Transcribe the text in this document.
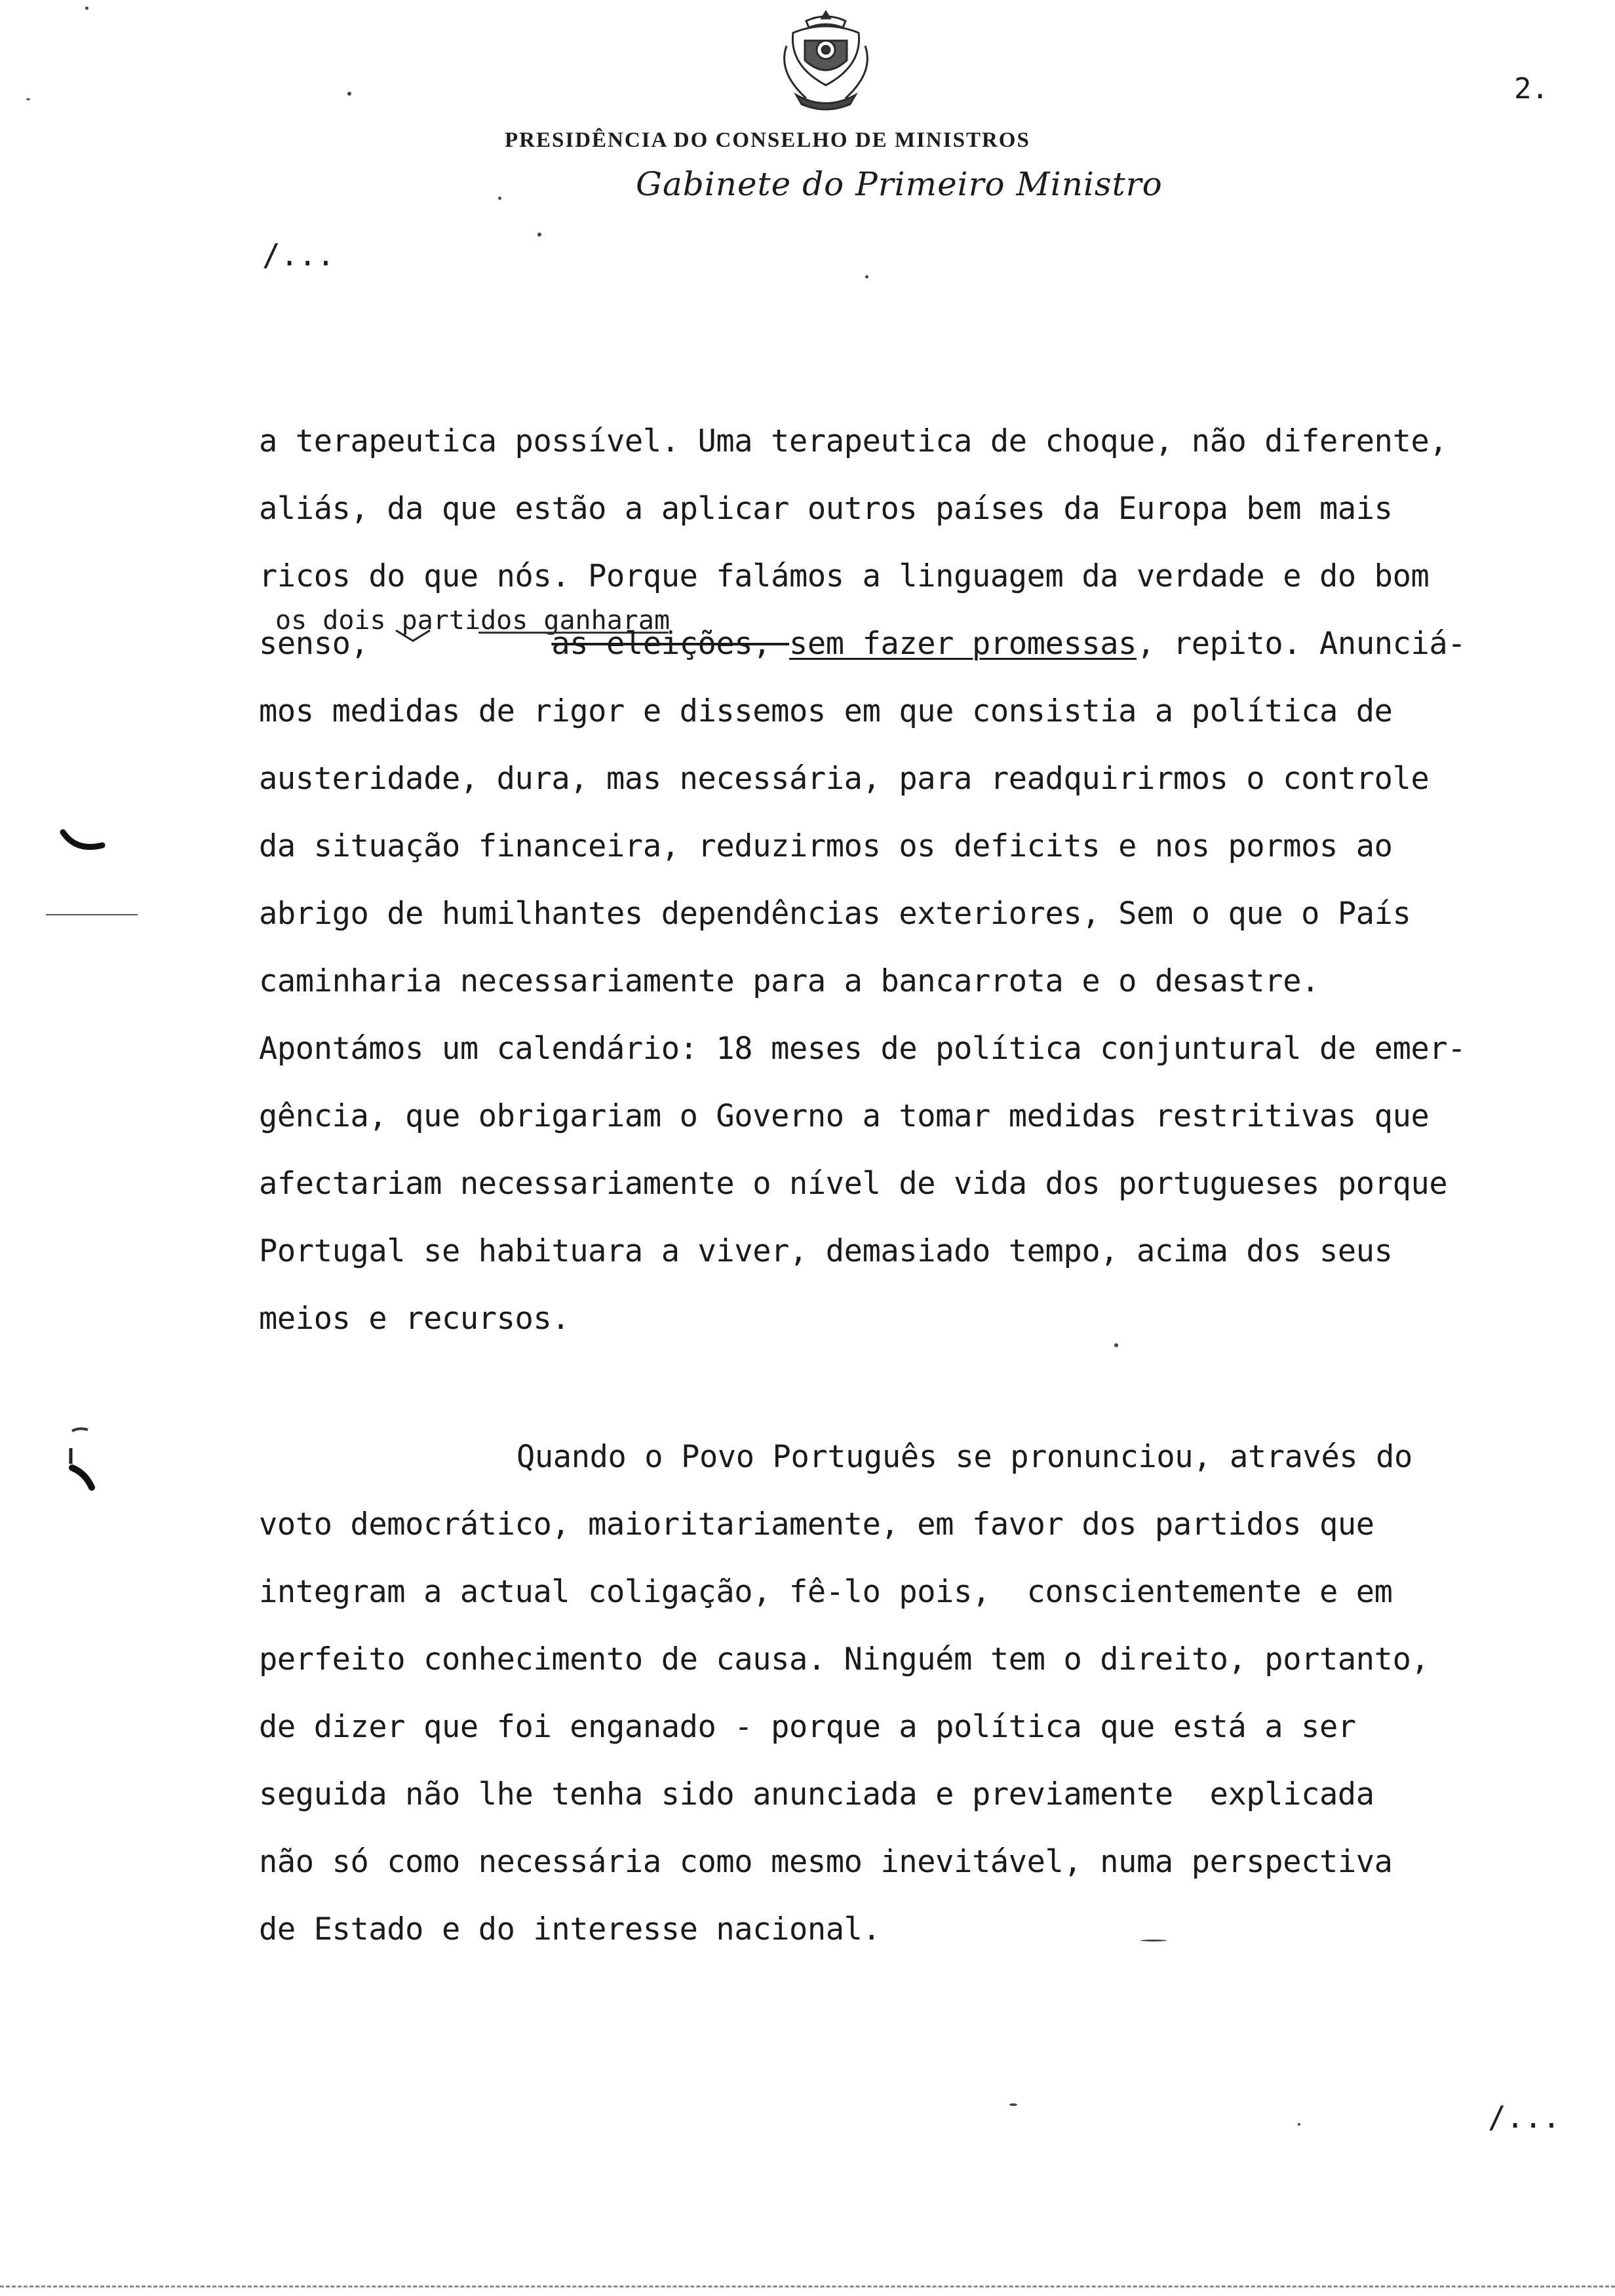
2.
PRESIDÊNCIA DO CONSELHO DE MINISTROS
Gabinete do Primeiro Ministro
/...
a terapeutica possível. Uma terapeutica de choque, não diferente,
aliás, da que estão a aplicar outros países da Europa bem mais
ricos do que nós. Porque falámos a linguagem da verdade e do bom
os dois partidos ganharam
senso,	as eleições, sem fazer promessas, repito. Anunciá-
mos medidas de rigor e dissemos em que consistia a política de
austeridade, dura, mas necessária, para readquirirmos o controle
da situação financeira, reduzirmos os deficits e nos pormos ao
abrigo de humilhantes dependências exteriores, Sem o que o País
caminharia necessariamente para a bancarrota e o desastre.
Apontámos um calendário: 18 meses de política conjuntural de emer-
gência, que obrigariam o Governo a tomar medidas restritivas que
afectariam necessariamente o nível de vida dos portugueses porque
Portugal se habituara a viver, demasiado tempo, acima dos seus
meios e recursos.
Quando o Povo Português se pronunciou, através do
voto democrático, maioritariamente, em favor dos partidos que
integram a actual coligação, fê-lo pois,  conscientemente e em
perfeito conhecimento de causa. Ninguém tem o direito, portanto,
de dizer que foi enganado - porque a política que está a ser
seguida não lhe tenha sido anunciada e previamente  explicada
não só como necessária como mesmo inevitável, numa perspectiva
de Estado e do interesse nacional.
/...
